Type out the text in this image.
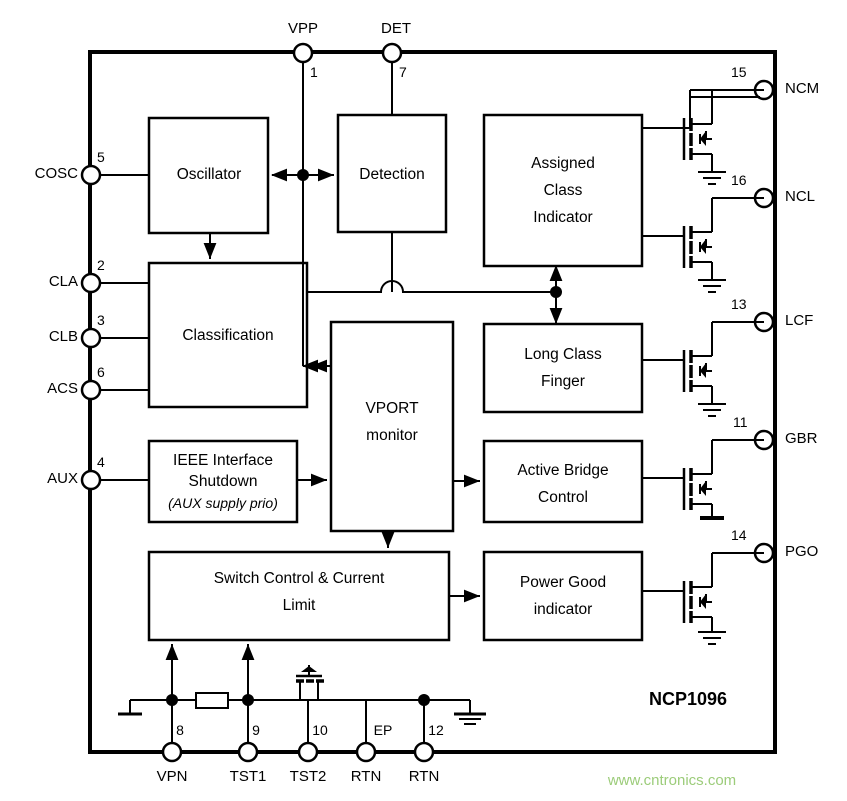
VPP
1
DET
7
COSC
5
CLA
2
CLB
3
ACS
6
AUX
4
NCM
15
NCL
16
LCF
13
GBR
11
PGO
14
VPN
8
TST1
9
TST2
10
RTN
EP
RTN
12
Oscillator	Detection
Assigned
Class
Indicator
Classification
Long Class
Finger
VPORT
monitor
IEEE Interface
Shutdown
(AUX supply prio)
Active Bridge
Control
Switch Control & Current
Limit
Power Good
indicator
NCP1096
www.cntronics.com
